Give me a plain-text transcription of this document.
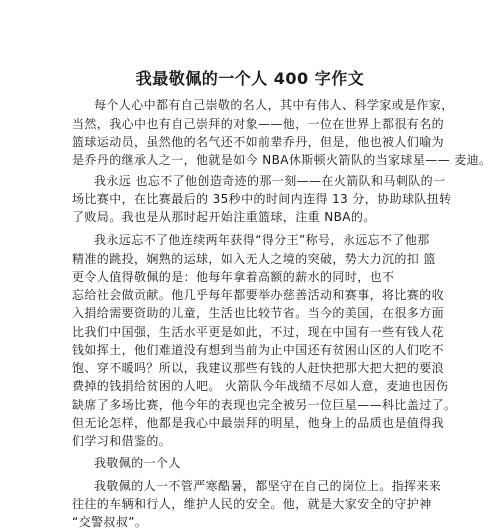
我最敬佩的一个人 400 字作文
每个人心中都有自己崇敬的名人，其中有伟人、科学家或是作家，
当然，我心中也有自己崇拜的对象——他，一位在世界上都很有名的
篮球运动员，虽然他的名气还不如前辈乔丹，但是，他也被人们喻为
是乔丹的继承人之一，他就是如今 NBA休斯顿火箭队的当家球星—— 麦迪。
我永远 也忘不了他创造奇迹的那一刻——在火箭队和马刺队的一
场比赛中，在比赛最后的 35秒中的时间内连得 13 分，协助球队扭转
了败局。我也是从那时起开始注重篮球，注重 NBA的。
我永远忘不了他连续两年获得“得分王”称号，永远忘不了他那
精准的跳投，娴熟的运球，如入无人之境的突破，势大力沉的扣 篮
更令人值得敬佩的是：他每年拿着高额的薪水的同时，也不
忘给社会做贡献。他几乎每年都要举办慈善活动和赛事，将比赛的收
入捐给需要资助的儿童，生活也比较节省。当今的美国，在很多方面
比我们中国强，生活水平更是如此，不过，现在中国有一些有钱人花
钱如挥土，他们难道没有想到当前为止中国还有贫困山区的人们吃不
饱、穿不暖吗？所以，我建议那些有钱的人赶快把那大把大把的要浪
费掉的钱捐给贫困的人吧。 火箭队今年战绩不尽如人意，麦迪也因伤
缺席了多场比赛，他今年的表现也完全被另一位巨星——科比盖过了。
但无论怎样，他都是我心中最崇拜的明星，他身上的品质也是值得我
们学习和借鉴的。
我敬佩的一个人
我敬佩的人一不管严寒酷暑，都坚守在自己的岗位上。指挥来来
往往的车辆和行人，维护人民的安全。他，就是大家安全的守护神
“交警叔叔”。
